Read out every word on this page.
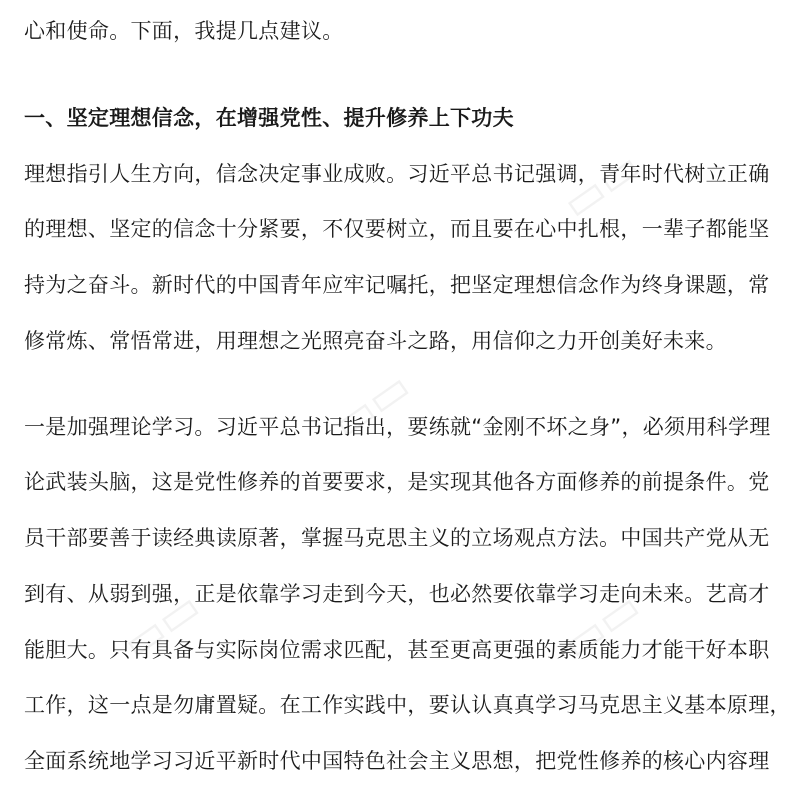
▭▭
▭▭
▭▭	▭▭
心和使命。下面，我提几点建议。
一、坚定理想信念，在增强党性、提升修养上下功夫
理想指引人生方向，信念决定事业成败。习近平总书记强调，青年时代树立正确
的理想、坚定的信念十分紧要，不仅要树立，而且要在心中扎根，一辈子都能坚
持为之奋斗。新时代的中国青年应牢记嘱托，把坚定理想信念作为终身课题，常
修常炼、常悟常进，用理想之光照亮奋斗之路，用信仰之力开创美好未来。
一是加强理论学习。习近平总书记指出，要练就“金刚不坏之身”，必须用科学理
论武装头脑，这是党性修养的首要要求，是实现其他各方面修养的前提条件。党
员干部要善于读经典读原著，掌握马克思主义的立场观点方法。中国共产党从无
到有、从弱到强，正是依靠学习走到今天，也必然要依靠学习走向未来。艺高才
能胆大。只有具备与实际岗位需求匹配，甚至更高更强的素质能力才能干好本职
工作，这一点是勿庸置疑。在工作实践中，要认认真真学习马克思主义基本原理，
全面系统地学习习近平新时代中国特色社会主义思想，把党性修养的核心内容理
